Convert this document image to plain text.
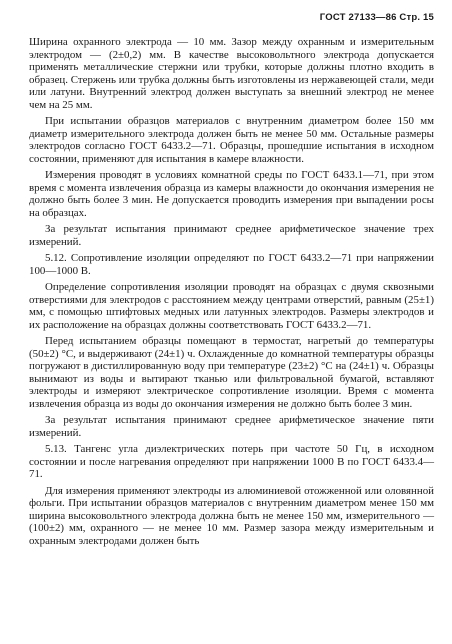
ГОСТ 27133—86 Стр. 15

Ширина охранного электрода — 10 мм. Зазор между охранным и измерительным электродом — (2±0,2) мм. В качестве высоковольтного электрода допускается применять металлические стержни или трубки, которые должны плотно входить в образец. Стержень или трубка должны быть изготовлены из нержавеющей стали, меди или латуни. Внутренний электрод должен выступать за внешний электрод не менее чем на 25 мм.

При испытании образцов материалов с внутренним диаметром более 150 мм диаметр измерительного электрода должен быть не менее 50 мм. Остальные размеры электродов согласно ГОСТ 6433.2—71. Образцы, прошедшие испытания в исходном состоянии, применяют для испытания в камере влажности.

Измерения проводят в условиях комнатной среды по ГОСТ 6433.1—71, при этом время с момента извлечения образца из камеры влажности до окончания измерения не должно быть более 3 мин. Не допускается проводить измерения при выпадении росы на образцах.

За результат испытания принимают среднее арифметическое значение трех измерений.

5.12. Сопротивление изоляции определяют по ГОСТ 6433.2—71 при напряжении 100—1000 В.

Определение сопротивления изоляции проводят на образцах с двумя сквозными отверстиями для электродов с расстоянием между центрами отверстий, равным (25±1) мм, с помощью штифтовых медных или латунных электродов. Размеры электродов и их расположение на образцах должны соответствовать ГОСТ 6433.2—71.

Перед испытанием образцы помещают в термостат, нагретый до температуры (50±2) °С, и выдерживают (24±1) ч. Охлажденные до комнатной температуры образцы погружают в дистиллированную воду при температуре (23±2) °С на (24±1) ч. Образцы вынимают из воды и вытирают тканью или фильтровальной бумагой, вставляют электроды и измеряют электрическое сопротивление изоляции. Время с момента извлечения образца из воды до окончания измерения не должно быть более 3 мин.

За результат испытания принимают среднее арифметическое значение пяти измерений.

5.13. Тангенс угла диэлектрических потерь при частоте 50 Гц, в исходном состоянии и после нагревания определяют при напряжении 1000 В по ГОСТ 6433.4—71.

Для измерения применяют электроды из алюминиевой отожженной или оловянной фольги. При испытании образцов материалов с внутренним диаметром менее 150 мм ширина высоковольтного электрода должна быть не менее 150 мм, измерительного — (100±2) мм, охранного — не менее 10 мм. Размер зазора между измерительным и охранным электродами должен быть
